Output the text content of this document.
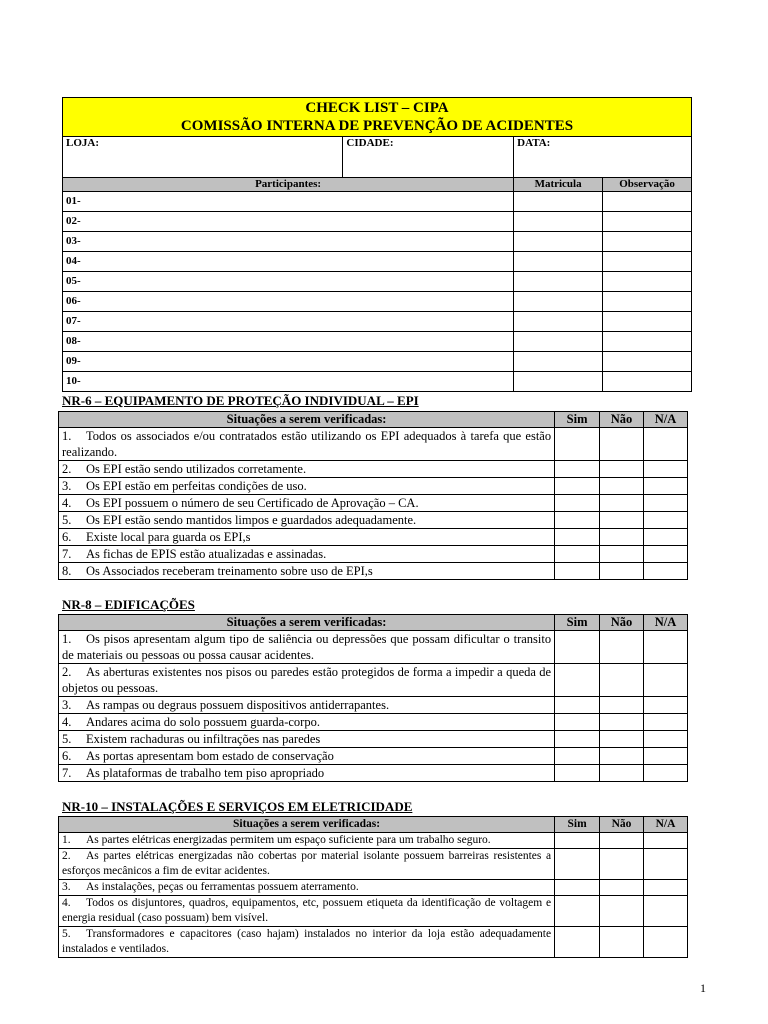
CHECK LIST – CIPA
COMISSÃO INTERNA DE PREVENÇÃO DE ACIDENTES			

LOJA:	CIDADE:	DATA:	
Participantes:		Matricula	Observação
01-			
02-			
03-			
04-			
05-			
06-			
07-			
08-			
09-			
10-			
NR-6 – EQUIPAMENTO DE PROTEÇÃO INDIVIDUAL – EPI
Situações a serem verificadas:	Sim	Não	N/A
1. Todos os associados e/ou contratados estão utilizando os EPI adequados à tarefa que estão realizando.			
2. Os EPI estão sendo utilizados corretamente.			
3. Os EPI estão em perfeitas condições de uso.			
4. Os EPI possuem o número de seu Certificado de Aprovação – CA.			
5. Os EPI estão sendo mantidos limpos e guardados adequadamente.			
6. Existe local para guarda os EPI,s			
7. As fichas de EPIS estão atualizadas e assinadas.			
8. Os Associados receberam treinamento sobre uso de EPI,s			
NR-8 – EDIFICAÇÕES
Situações a serem verificadas:	Sim	Não	N/A
1. Os pisos apresentam algum tipo de saliência ou depressões que possam dificultar o transito de materiais ou pessoas ou possa causar acidentes.			
2. As aberturas existentes nos pisos ou paredes estão protegidos de forma a impedir a queda de objetos ou pessoas.			
3. As rampas ou degraus possuem dispositivos antiderrapantes.			
4. Andares acima do solo possuem guarda-corpo.			
5. Existem rachaduras ou infiltrações nas paredes			
6. As portas apresentam bom estado de conservação			
7. As plataformas de trabalho tem piso apropriado			
NR-10 – INSTALAÇÕES E SERVIÇOS EM ELETRICIDADE
Situações a serem verificadas:	Sim	Não	N/A
1. As partes elétricas energizadas permitem um espaço suficiente para um trabalho seguro.			
2. As partes elétricas energizadas não cobertas por material isolante possuem barreiras resistentes a esforços mecânicos a fim de evitar acidentes.			
3. As instalações, peças ou ferramentas possuem aterramento.			
4. Todos os disjuntores, quadros, equipamentos, etc, possuem etiqueta da identificação de voltagem e energia residual (caso possuam) bem visível.			
5. Transformadores e capacitores (caso hajam) instalados no interior da loja estão adequadamente instalados e ventilados.			
1
